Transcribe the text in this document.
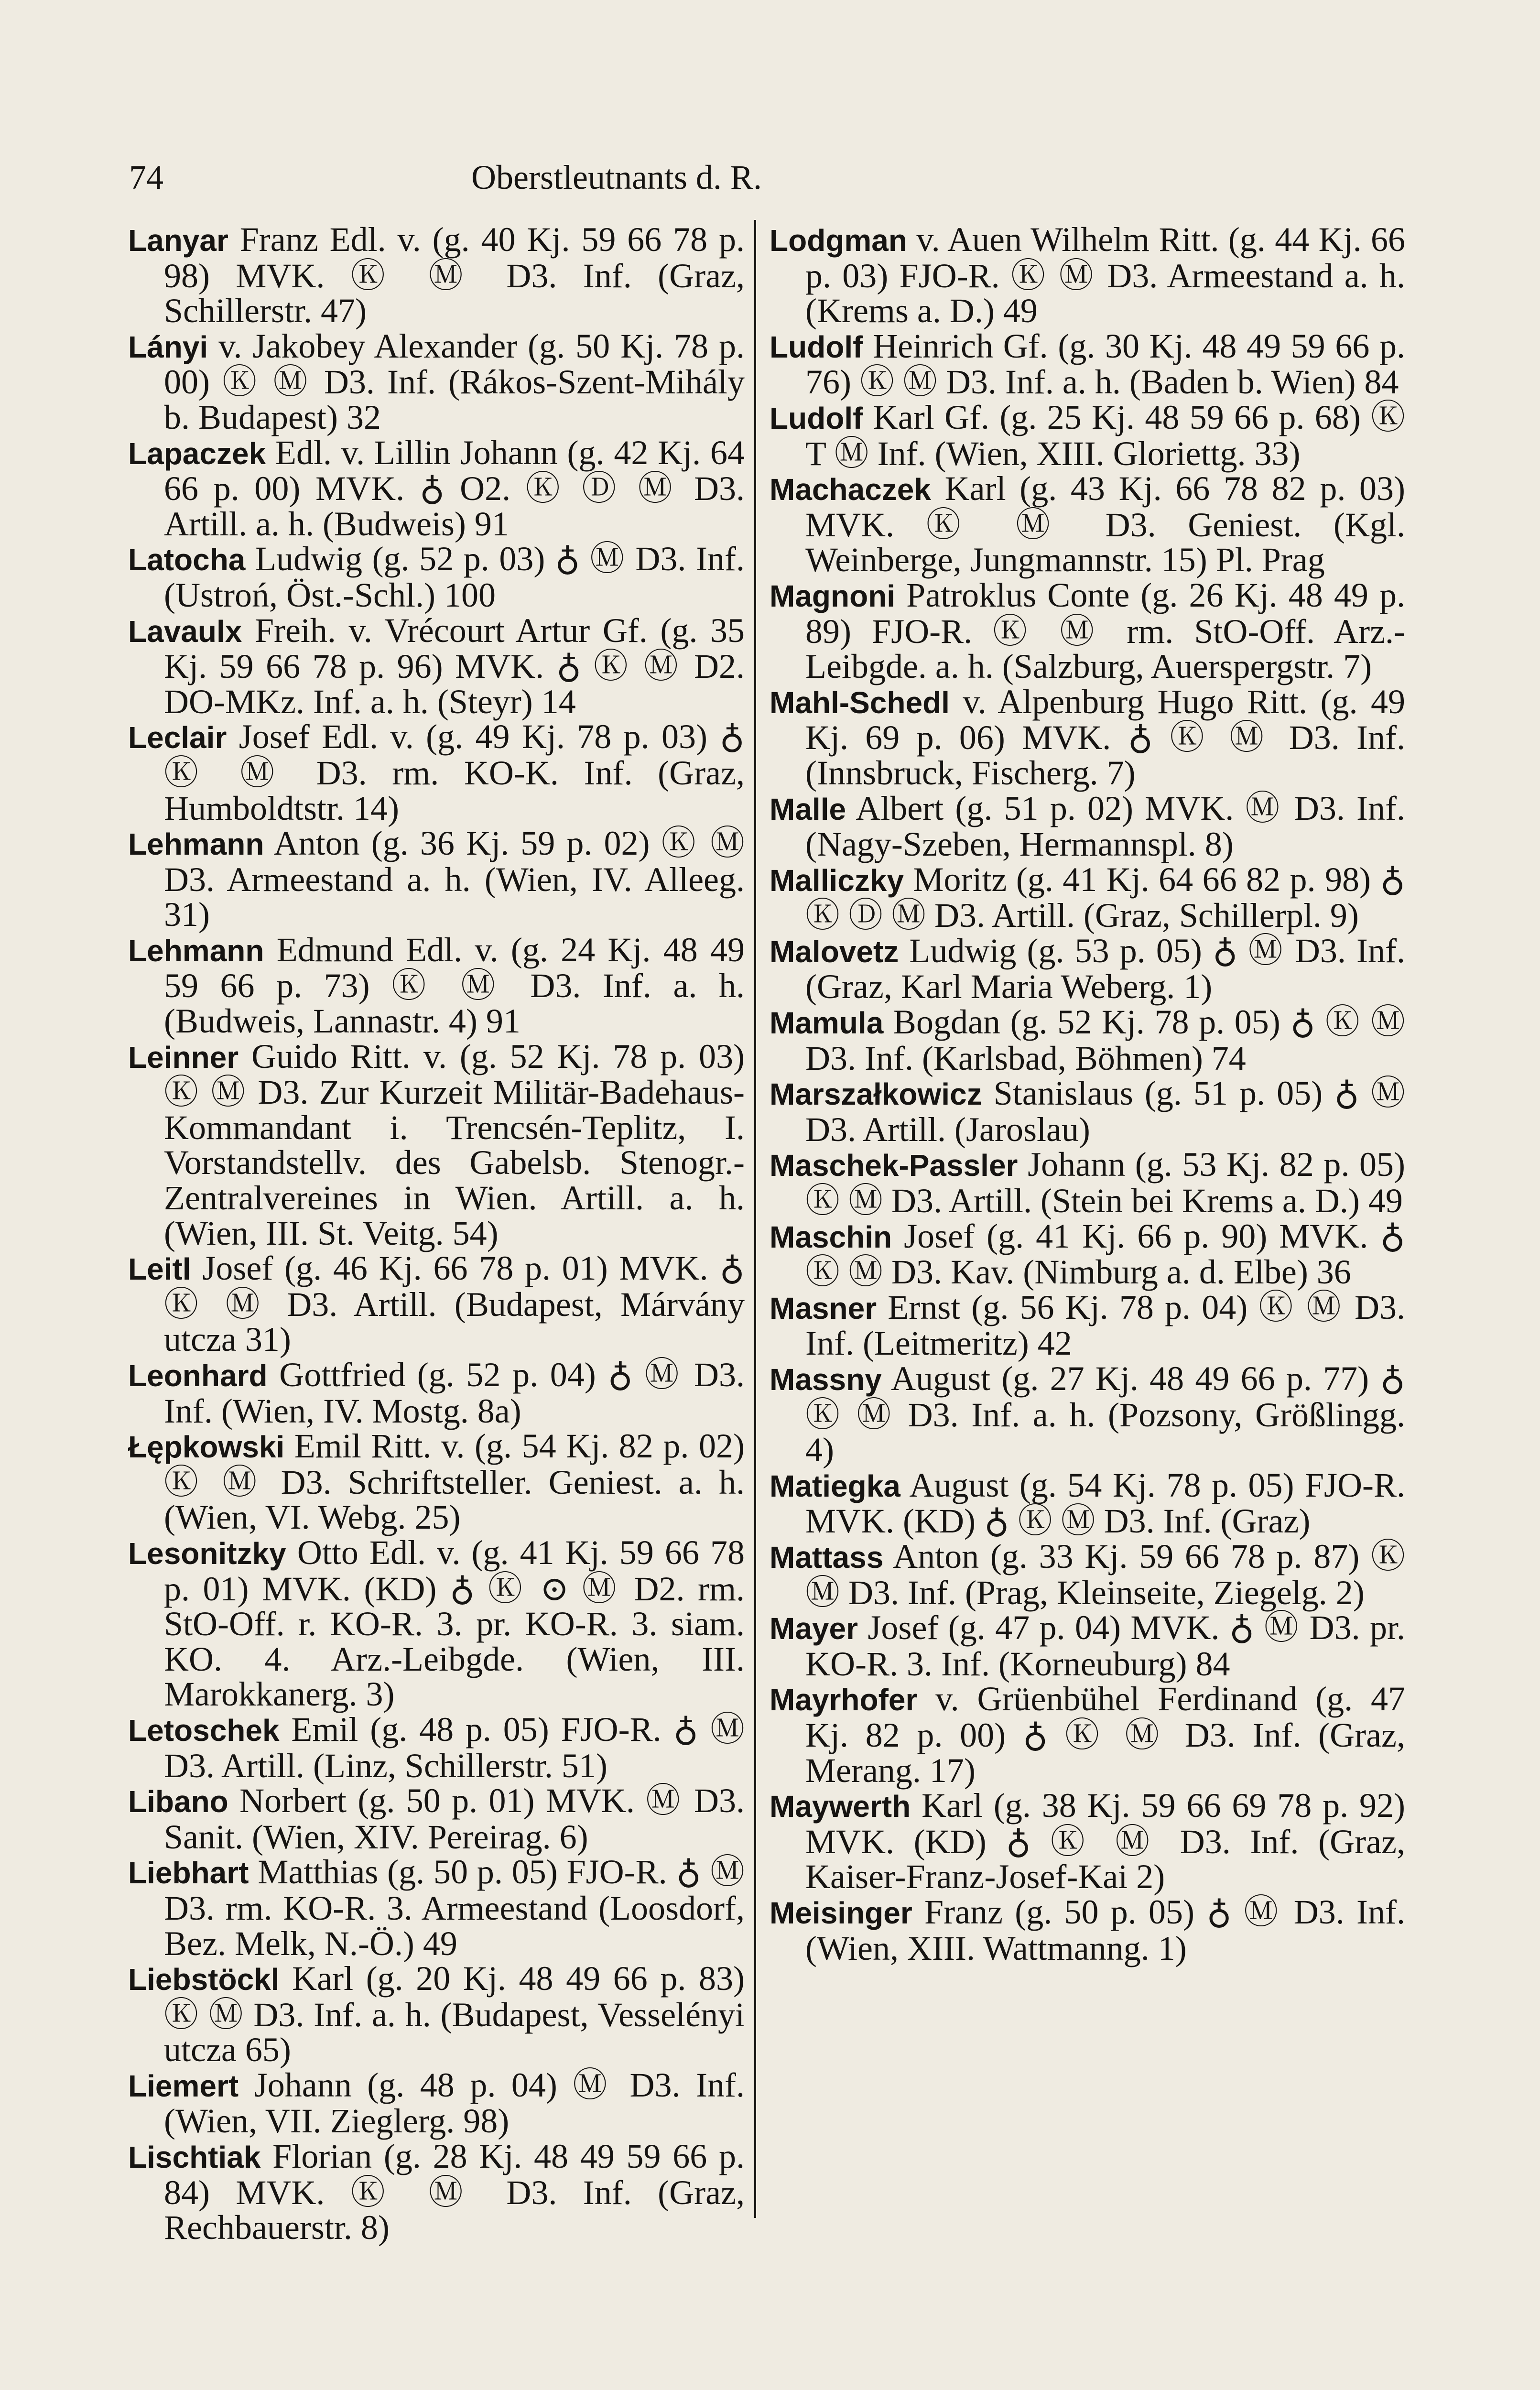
74	Oberstleutnants d. R.

Lanyar Franz Edl. v. (g. 40 Kj. 59 66 78 p. 98) MVK. Ⓚ Ⓜ D3. Inf. (Graz, Schillerstr. 47)

Lányi v. Jakobey Alexander (g. 50 Kj. 78 p. 00) Ⓚ Ⓜ D3. Inf. (Rákos-Szent-Mihály b. Budapest) 32

Lapaczek Edl. v. Lillin Johann (g. 42 Kj. 64 66 p. 00) MVK. ♁ O2. Ⓚ Ⓓ Ⓜ D3. Artill. a. h. (Budweis) 91

Latocha Ludwig (g. 52 p. 03) ♁ Ⓜ D3. Inf. (Ustroń, Öst.-Schl.) 100

Lavaulx Freih. v. Vrécourt Artur Gf. (g. 35 Kj. 59 66 78 p. 96) MVK. ♁ Ⓚ Ⓜ D2. DO-MKz. Inf. a. h. (Steyr) 14

Leclair Josef Edl. v. (g. 49 Kj. 78 p. 03) ♁ Ⓚ Ⓜ D3. rm. KO-K. Inf. (Graz, Humboldtstr. 14)

Lehmann Anton (g. 36 Kj. 59 p. 02) Ⓚ Ⓜ D3. Armeestand a. h. (Wien, IV. Alleeg. 31)

Lehmann Edmund Edl. v. (g. 24 Kj. 48 49 59 66 p. 73) Ⓚ Ⓜ D3. Inf. a. h. (Budweis, Lannastr. 4) 91

Leinner Guido Ritt. v. (g. 52 Kj. 78 p. 03) Ⓚ Ⓜ D3. Zur Kurzeit Militär-Badehaus-Kommandant i. Trencsén-Teplitz, I. Vorstandstellv. des Gabelsb. Stenogr.-Zentralvereines in Wien. Artill. a. h. (Wien, III. St. Veitg. 54)

Leitl Josef (g. 46 Kj. 66 78 p. 01) MVK. ♁ Ⓚ Ⓜ D3. Artill. (Budapest, Márvány utcza 31)

Leonhard Gottfried (g. 52 p. 04) ♁ Ⓜ D3. Inf. (Wien, IV. Mostg. 8a)

Łępkowski Emil Ritt. v. (g. 54 Kj. 82 p. 02) Ⓚ Ⓜ D3. Schriftsteller. Geniest. a. h. (Wien, VI. Webg. 25)

Lesonitzky Otto Edl. v. (g. 41 Kj. 59 66 78 p. 01) MVK. (KD) ♁ Ⓚ ⊙ Ⓜ D2. rm. StO-Off. r. KO-R. 3. pr. KO-R. 3. siam. KO. 4. Arz.-Leibgde. (Wien, III. Marokkanerg. 3)

Letoschek Emil (g. 48 p. 05) FJO-R. ♁ Ⓜ D3. Artill. (Linz, Schillerstr. 51)

Libano Norbert (g. 50 p. 01) MVK. Ⓜ D3. Sanit. (Wien, XIV. Pereirag. 6)

Liebhart Matthias (g. 50 p. 05) FJO-R. ♁ Ⓜ D3. rm. KO-R. 3. Armeestand (Loosdorf, Bez. Melk, N.-Ö.) 49

Liebstöckl Karl (g. 20 Kj. 48 49 66 p. 83) Ⓚ Ⓜ D3. Inf. a. h. (Budapest, Vesselényi utcza 65)

Liemert Johann (g. 48 p. 04) Ⓜ D3. Inf. (Wien, VII. Zieglerg. 98)

Lischtiak Florian (g. 28 Kj. 48 49 59 66 p. 84) MVK. Ⓚ Ⓜ D3. Inf. (Graz, Rechbauerstr. 8)

Lodgman v. Auen Wilhelm Ritt. (g. 44 Kj. 66 p. 03) FJO-R. Ⓚ Ⓜ D3. Armeestand a. h. (Krems a. D.) 49

Ludolf Heinrich Gf. (g. 30 Kj. 48 49 59 66 p. 76) Ⓚ Ⓜ D3. Inf. a. h. (Baden b. Wien) 84

Ludolf Karl Gf. (g. 25 Kj. 48 59 66 p. 68) Ⓚ T Ⓜ Inf. (Wien, XIII. Gloriettg. 33)

Machaczek Karl (g. 43 Kj. 66 78 82 p. 03) MVK. Ⓚ Ⓜ D3. Geniest. (Kgl. Weinberge, Jungmannstr. 15) Pl. Prag

Magnoni Patroklus Conte (g. 26 Kj. 48 49 p. 89) FJO-R. Ⓚ Ⓜ rm. StO-Off. Arz.-Leibgde. a. h. (Salzburg, Auerspergstr. 7)

Mahl-Schedl v. Alpenburg Hugo Ritt. (g. 49 Kj. 69 p. 06) MVK. ♁ Ⓚ Ⓜ D3. Inf. (Innsbruck, Fischerg. 7)

Malle Albert (g. 51 p. 02) MVK. Ⓜ D3. Inf. (Nagy-Szeben, Hermannspl. 8)

Malliczky Moritz (g. 41 Kj. 64 66 82 p. 98) ♁ Ⓚ Ⓓ Ⓜ D3. Artill. (Graz, Schillerpl. 9)

Malovetz Ludwig (g. 53 p. 05) ♁ Ⓜ D3. Inf. (Graz, Karl Maria Weberg. 1)

Mamula Bogdan (g. 52 Kj. 78 p. 05) ♁ Ⓚ Ⓜ D3. Inf. (Karlsbad, Böhmen) 74

Marszałkowicz Stanislaus (g. 51 p. 05) ♁ Ⓜ D3. Artill. (Jaroslau)

Maschek-Passler Johann (g. 53 Kj. 82 p. 05) Ⓚ Ⓜ D3. Artill. (Stein bei Krems a. D.) 49

Maschin Josef (g. 41 Kj. 66 p. 90) MVK. ♁ Ⓚ Ⓜ D3. Kav. (Nimburg a. d. Elbe) 36

Masner Ernst (g. 56 Kj. 78 p. 04) Ⓚ Ⓜ D3. Inf. (Leitmeritz) 42

Massny August (g. 27 Kj. 48 49 66 p. 77) ♁ Ⓚ Ⓜ D3. Inf. a. h. (Pozsony, Größlingg. 4)

Matiegka August (g. 54 Kj. 78 p. 05) FJO-R. MVK. (KD) ♁ Ⓚ Ⓜ D3. Inf. (Graz)

Mattass Anton (g. 33 Kj. 59 66 78 p. 87) Ⓚ Ⓜ D3. Inf. (Prag, Kleinseite, Ziegelg. 2)

Mayer Josef (g. 47 p. 04) MVK. ♁ Ⓜ D3. pr. KO-R. 3. Inf. (Korneuburg) 84

Mayrhofer v. Grüenbühel Ferdinand (g. 47 Kj. 82 p. 00) ♁ Ⓚ Ⓜ D3. Inf. (Graz, Merang. 17)

Maywerth Karl (g. 38 Kj. 59 66 69 78 p. 92) MVK. (KD) ♁ Ⓚ Ⓜ D3. Inf. (Graz, Kaiser-Franz-Josef-Kai 2)

Meisinger Franz (g. 50 p. 05) ♁ Ⓜ D3. Inf. (Wien, XIII. Wattmanng. 1)
